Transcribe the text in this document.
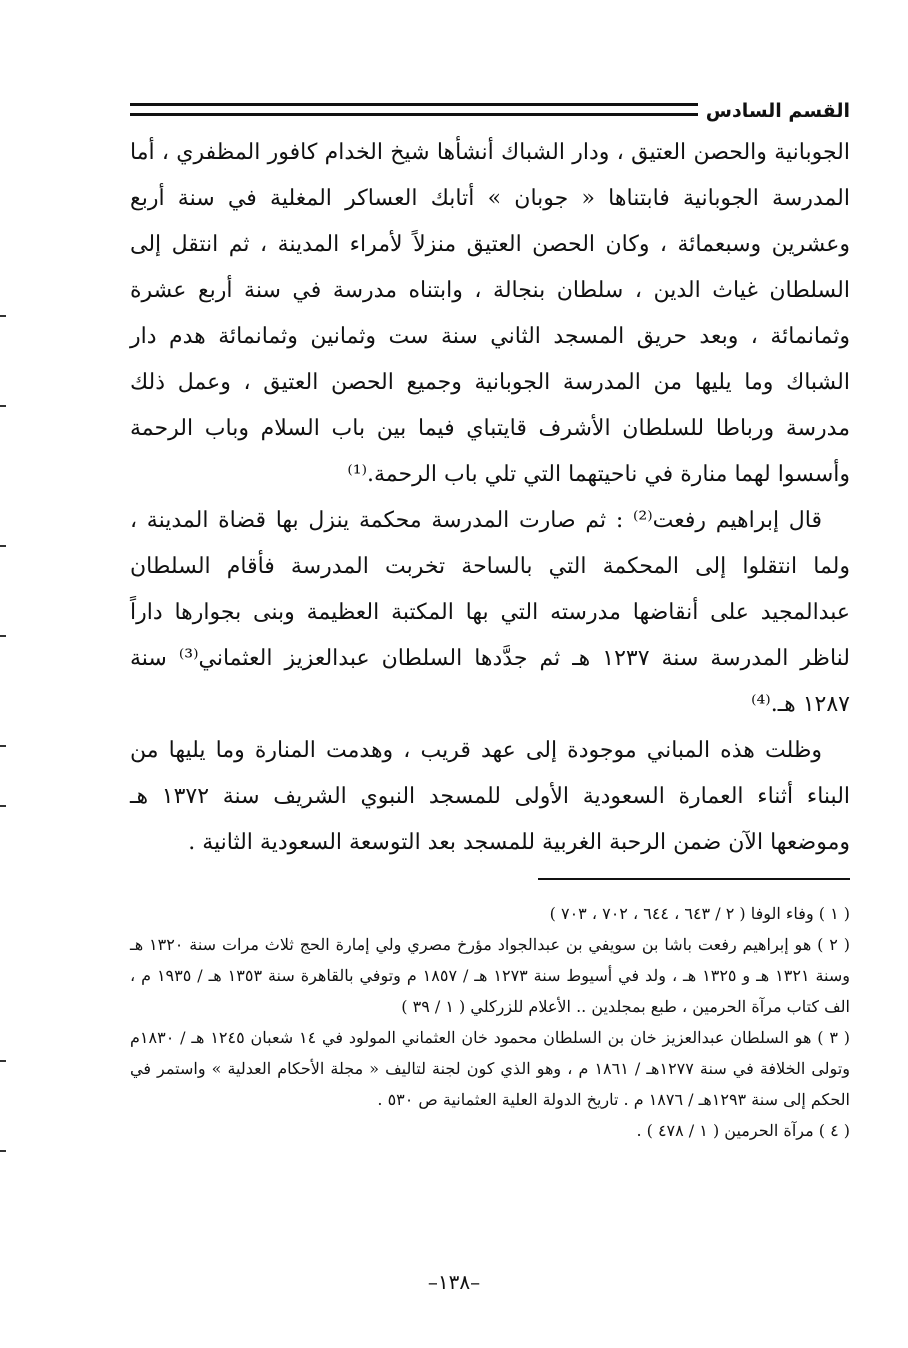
القسم السادس

الجوبانية والحصن العتيق ، ودار الشباك أنشأها شيخ الخدام كافور المظفري ، أما المدرسة الجوبانية فابتناها « جوبان » أتابك العساكر المغلية في سنة أربع وعشرين وسبعمائة ، وكان الحصن العتيق منزلاً لأمراء المدينة ، ثم انتقل إلى السلطان غياث الدين ، سلطان بنجالة ، وابتناه مدرسة في سنة أربع عشرة وثمانمائة ، وبعد حريق المسجد الثاني سنة ست وثمانين وثمانمائة هدم دار الشباك وما يليها من المدرسة الجوبانية وجميع الحصن العتيق ، وعمل ذلك مدرسة ورباطا للسلطان الأشرف قايتباي فيما بين باب السلام وباب الرحمة وأسسوا لهما منارة في ناحيتهما التي تلي باب الرحمة.⁽¹⁾

قال إبراهيم رفعت⁽²⁾ : ثم صارت المدرسة محكمة ينزل بها قضاة المدينة ، ولما انتقلوا إلى المحكمة التي بالساحة تخربت المدرسة فأقام السلطان عبدالمجيد على أنقاضها مدرسته التي بها المكتبة العظيمة وبنى بجوارها داراً لناظر المدرسة سنة ١٢٣٧ هـ ثم جدَّدها السلطان عبدالعزيز العثماني⁽³⁾ سنة ١٢٨٧ هـ.⁽⁴⁾

وظلت هذه المباني موجودة إلى عهد قريب ، وهدمت المنارة وما يليها من البناء أثناء العمارة السعودية الأولى للمسجد النبوي الشريف سنة ١٣٧٢ هـ وموضعها الآن ضمن الرحبة الغربية للمسجد بعد التوسعة السعودية الثانية .

( ١ ) وفاء الوفا ( ٢ / ٦٤٣ ، ٦٤٤ ، ٧٠٢ ، ٧٠٣ )

( ٢ ) هو إبراهيم رفعت باشا بن سويفي بن عبدالجواد مؤرخ مصري ولي إمارة الحج ثلاث مرات سنة ١٣٢٠ هـ وسنة ١٣٢١ هـ و ١٣٢٥ هـ ، ولد في أسيوط سنة ١٢٧٣ هـ / ١٨٥٧ م وتوفي بالقاهرة سنة ١٣٥٣ هـ / ١٩٣٥ م ، الف كتاب مرآة الحرمين ، طبع بمجلدين .. الأعلام للزركلي ( ١ / ٣٩ )

( ٣ ) هو السلطان عبدالعزيز خان بن السلطان محمود خان العثماني المولود في ١٤ شعبان ١٢٤٥ هـ / ١٨٣٠م وتولى الخلافة في سنة ١٢٧٧هـ / ١٨٦١ م ، وهو الذي كون لجنة لتاليف « مجلة الأحكام العدلية » واستمر في الحكم إلى سنة ١٢٩٣هـ / ١٨٧٦ م . تاريخ الدولة العلية العثمانية ص ٥٣٠ .

( ٤ ) مرآة الحرمين ( ١ / ٤٧٨ ) .

–١٣٨–
